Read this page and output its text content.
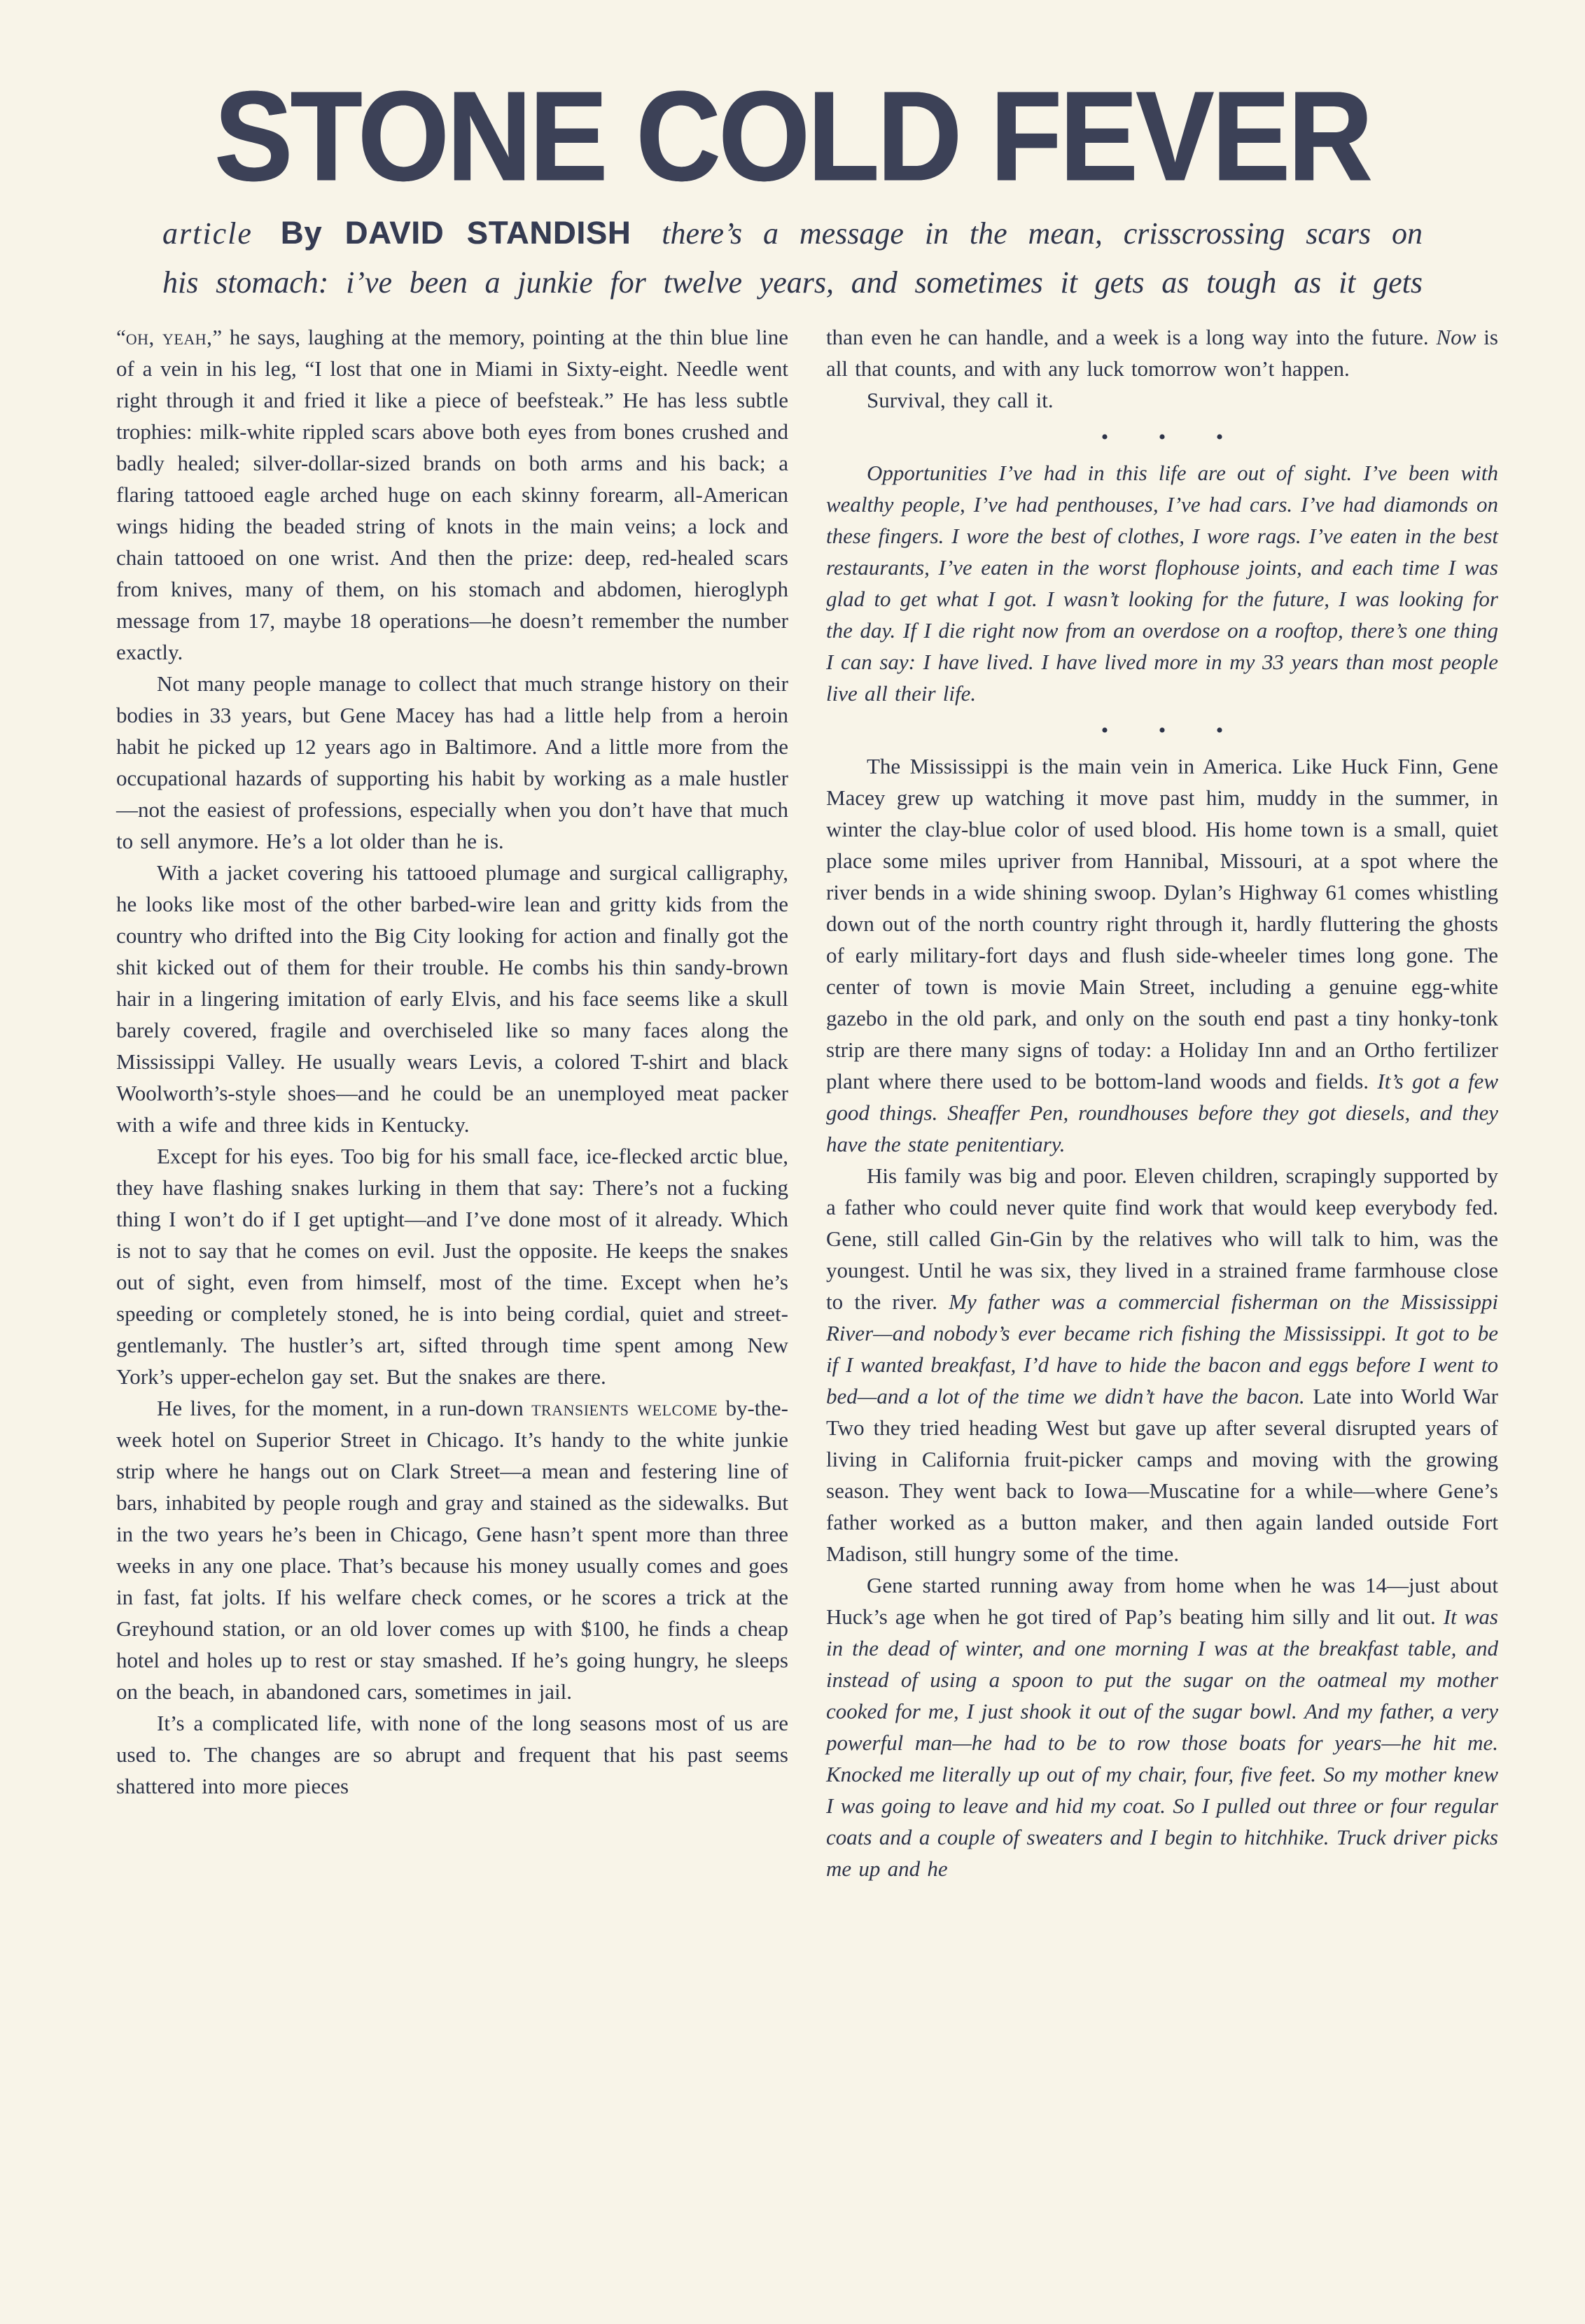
STONE COLD FEVER
article By DAVID STANDISH there’s a message in the mean, crisscrossing scars on
his stomach: i’ve been a junkie for twelve years, and sometimes it gets as tough as it gets

“oh, yeah,” he says, laughing at the memory, pointing at the thin blue line of a vein in his leg, “I lost that one in Miami in Sixty-eight. Needle went right through it and fried it like a piece of beefsteak.” He has less subtle trophies: milk-white rippled scars above both eyes from bones crushed and badly healed; silver-dollar-sized brands on both arms and his back; a flaring tattooed eagle arched huge on each skinny forearm, all-American wings hiding the beaded string of knots in the main veins; a lock and chain tattooed on one wrist. And then the prize: deep, red-healed scars from knives, many of them, on his stomach and abdomen, hieroglyph message from 17, maybe 18 operations—he doesn’t remember the number exactly.

Not many people manage to collect that much strange history on their bodies in 33 years, but Gene Macey has had a little help from a heroin habit he picked up 12 years ago in Baltimore. And a little more from the occupational hazards of supporting his habit by working as a male hustler—not the easiest of professions, especially when you don’t have that much to sell anymore. He’s a lot older than he is.

With a jacket covering his tattooed plumage and surgical calligraphy, he looks like most of the other barbed-wire lean and gritty kids from the country who drifted into the Big City looking for action and finally got the shit kicked out of them for their trouble. He combs his thin sandy-brown hair in a lingering imitation of early Elvis, and his face seems like a skull barely covered, fragile and overchiseled like so many faces along the Mississippi Valley. He usually wears Levis, a colored T-shirt and black Woolworth’s-style shoes—and he could be an unemployed meat packer with a wife and three kids in Kentucky.

Except for his eyes. Too big for his small face, ice-flecked arctic blue, they have flashing snakes lurking in them that say: There’s not a fucking thing I won’t do if I get uptight—and I’ve done most of it already. Which is not to say that he comes on evil. Just the opposite. He keeps the snakes out of sight, even from himself, most of the time. Except when he’s speeding or completely stoned, he is into being cordial, quiet and street-gentlemanly. The hustler’s art, sifted through time spent among New York’s upper-echelon gay set. But the snakes are there.

He lives, for the moment, in a run-down transients welcome by-the-week hotel on Superior Street in Chicago. It’s handy to the white junkie strip where he hangs out on Clark Street—a mean and festering line of bars, inhabited by people rough and gray and stained as the sidewalks. But in the two years he’s been in Chicago, Gene hasn’t spent more than three weeks in any one place. That’s because his money usually comes and goes in fast, fat jolts. If his welfare check comes, or he scores a trick at the Greyhound station, or an old lover comes up with $100, he finds a cheap hotel and holes up to rest or stay smashed. If he’s going hungry, he sleeps on the beach, in abandoned cars, sometimes in jail.

It’s a complicated life, with none of the long seasons most of us are used to. The changes are so abrupt and frequent that his past seems shattered into more pieces

than even he can handle, and a week is a long way into the future. Now is all that counts, and with any luck tomorrow won’t happen.

Survival, they call it.

• • •

Opportunities I’ve had in this life are out of sight. I’ve been with wealthy people, I’ve had penthouses, I’ve had cars. I’ve had diamonds on these fingers. I wore the best of clothes, I wore rags. I’ve eaten in the best restaurants, I’ve eaten in the worst flophouse joints, and each time I was glad to get what I got. I wasn’t looking for the future, I was looking for the day. If I die right now from an overdose on a rooftop, there’s one thing I can say: I have lived. I have lived more in my 33 years than most people live all their life.

• • •

The Mississippi is the main vein in America. Like Huck Finn, Gene Macey grew up watching it move past him, muddy in the summer, in winter the clay-blue color of used blood. His home town is a small, quiet place some miles upriver from Hannibal, Missouri, at a spot where the river bends in a wide shining swoop. Dylan’s Highway 61 comes whistling down out of the north country right through it, hardly fluttering the ghosts of early military-fort days and flush side-wheeler times long gone. The center of town is movie Main Street, including a genuine egg-white gazebo in the old park, and only on the south end past a tiny honky-tonk strip are there many signs of today: a Holiday Inn and an Ortho fertilizer plant where there used to be bottom-land woods and fields. It’s got a few good things. Sheaffer Pen, roundhouses before they got diesels, and they have the state penitentiary.

His family was big and poor. Eleven children, scrapingly supported by a father who could never quite find work that would keep everybody fed. Gene, still called Gin-Gin by the relatives who will talk to him, was the youngest. Until he was six, they lived in a strained frame farmhouse close to the river. My father was a commercial fisherman on the Mississippi River—and nobody’s ever became rich fishing the Mississippi. It got to be if I wanted breakfast, I’d have to hide the bacon and eggs before I went to bed—and a lot of the time we didn’t have the bacon. Late into World War Two they tried heading West but gave up after several disrupted years of living in California fruit-picker camps and moving with the growing season. They went back to Iowa—Muscatine for a while—where Gene’s father worked as a button maker, and then again landed outside Fort Madison, still hungry some of the time.

Gene started running away from home when he was 14—just about Huck’s age when he got tired of Pap’s beating him silly and lit out. It was in the dead of winter, and one morning I was at the breakfast table, and instead of using a spoon to put the sugar on the oatmeal my mother cooked for me, I just shook it out of the sugar bowl. And my father, a very powerful man—he had to be to row those boats for years—he hit me. Knocked me literally up out of my chair, four, five feet. So my mother knew I was going to leave and hid my coat. So I pulled out three or four regular coats and a couple of sweaters and I begin to hitchhike. Truck driver picks me up and he
